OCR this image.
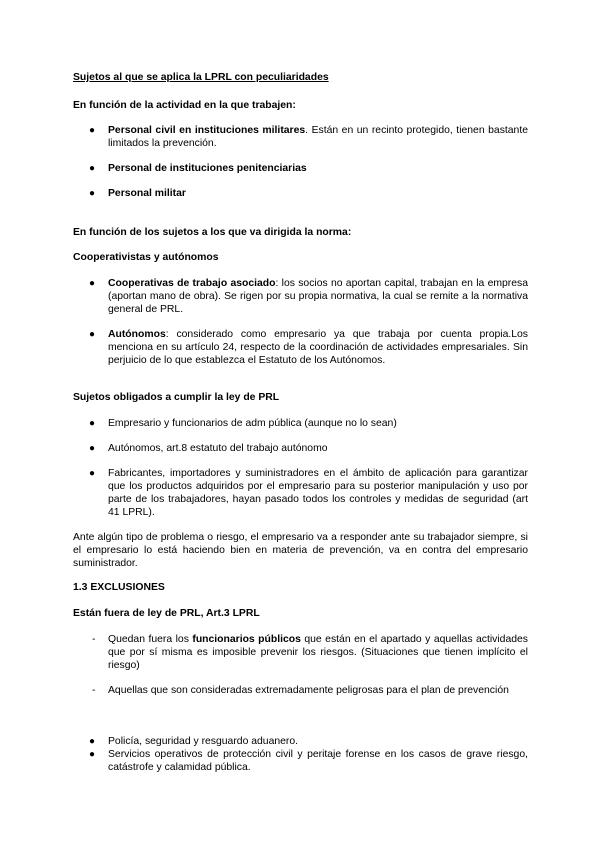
Sujetos al que se aplica la LPRL con peculiaridades

En función de la actividad en la que trabajen:

● Personal civil en instituciones militares. Están en un recinto protegido, tienen bastante limitados la prevención.

● Personal de instituciones penitenciarias

● Personal militar

En función de los sujetos a los que va dirigida la norma:

Cooperativistas y autónomos

● Cooperativas de trabajo asociado: los socios no aportan capital, trabajan en la empresa (aportan mano de obra). Se rigen por su propia normativa, la cual se remite a la normativa general de PRL.

● Autónomos: considerado como empresario ya que trabaja por cuenta propia.Los menciona en su artículo 24, respecto de la coordinación de actividades empresariales. Sin perjuicio de lo que establezca el Estatuto de los Autónomos.

Sujetos obligados a cumplir la ley de PRL

● Empresario y funcionarios de adm pública (aunque no lo sean)

● Autónomos, art.8 estatuto del trabajo autónomo

● Fabricantes, importadores y suministradores en el ámbito de aplicación para garantizar que los productos adquiridos por el empresario para su posterior manipulación y uso por parte de los trabajadores, hayan pasado todos los controles y medidas de seguridad (art 41 LPRL).

Ante algún tipo de problema o riesgo, el empresario va a responder ante su trabajador siempre, si el empresario lo está haciendo bien en materia de prevención, va en contra del empresario suministrador.

1.3 EXCLUSIONES

Están fuera de ley de PRL, Art.3 LPRL

- Quedan fuera los funcionarios públicos que están en el apartado y aquellas actividades que por sí misma es imposible prevenir los riesgos. (Situaciones que tienen implícito el riesgo)

- Aquellas que son consideradas extremadamente peligrosas para el plan de prevención

● Policía, seguridad y resguardo aduanero.

● Servicios operativos de protección civil y peritaje forense en los casos de grave riesgo, catástrofe y calamidad pública.
